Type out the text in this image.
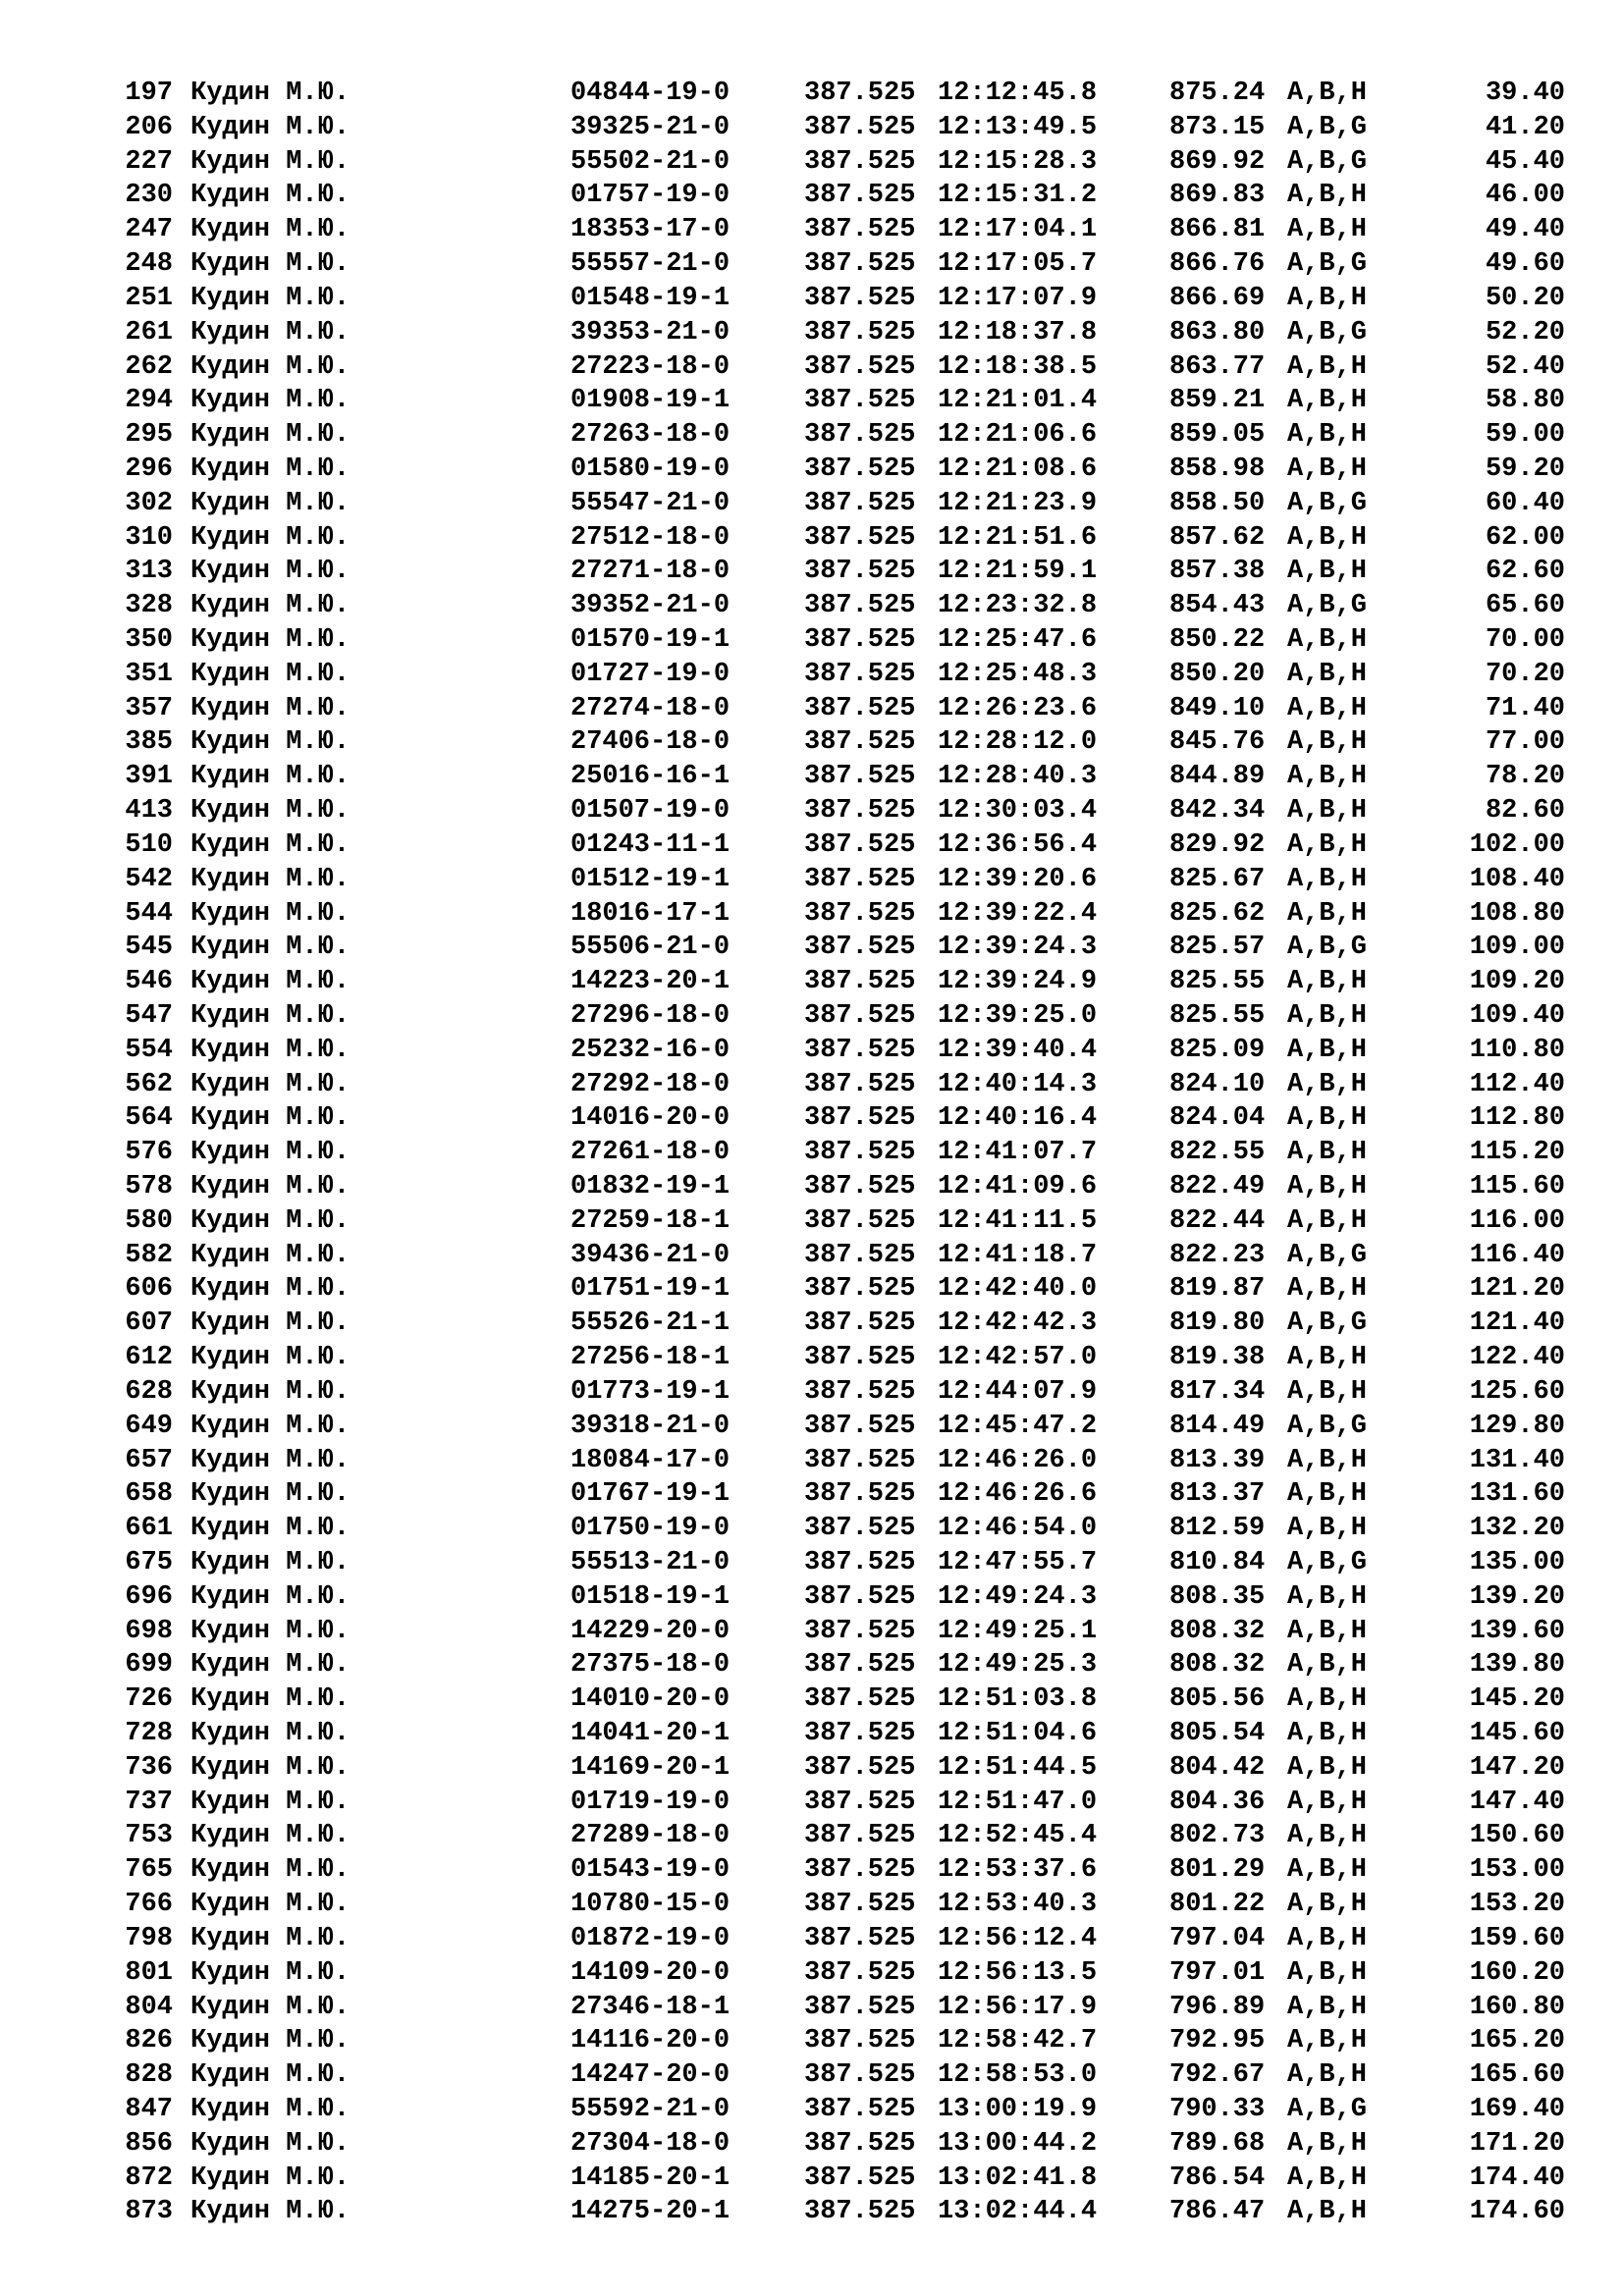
197 Кудин М.Ю.	04844-19-0	387.525 12:12:45.8	875.24 A,B,H	39.40
206 Кудин М.Ю.	39325-21-0	387.525 12:13:49.5	873.15 A,B,G	41.20
227 Кудин М.Ю.	55502-21-0	387.525 12:15:28.3	869.92 A,B,G	45.40
230 Кудин М.Ю.	01757-19-0	387.525 12:15:31.2	869.83 A,B,H	46.00
247 Кудин М.Ю.	18353-17-0	387.525 12:17:04.1	866.81 A,B,H	49.40
248 Кудин М.Ю.	55557-21-0	387.525 12:17:05.7	866.76 A,B,G	49.60
251 Кудин М.Ю.	01548-19-1	387.525 12:17:07.9	866.69 A,B,H	50.20
261 Кудин М.Ю.	39353-21-0	387.525 12:18:37.8	863.80 A,B,G	52.20
262 Кудин М.Ю.	27223-18-0	387.525 12:18:38.5	863.77 A,B,H	52.40
294 Кудин М.Ю.	01908-19-1	387.525 12:21:01.4	859.21 A,B,H	58.80
295 Кудин М.Ю.	27263-18-0	387.525 12:21:06.6	859.05 A,B,H	59.00
296 Кудин М.Ю.	01580-19-0	387.525 12:21:08.6	858.98 A,B,H	59.20
302 Кудин М.Ю.	55547-21-0	387.525 12:21:23.9	858.50 A,B,G	60.40
310 Кудин М.Ю.	27512-18-0	387.525 12:21:51.6	857.62 A,B,H	62.00
313 Кудин М.Ю.	27271-18-0	387.525 12:21:59.1	857.38 A,B,H	62.60
328 Кудин М.Ю.	39352-21-0	387.525 12:23:32.8	854.43 A,B,G	65.60
350 Кудин М.Ю.	01570-19-1	387.525 12:25:47.6	850.22 A,B,H	70.00
351 Кудин М.Ю.	01727-19-0	387.525 12:25:48.3	850.20 A,B,H	70.20
357 Кудин М.Ю.	27274-18-0	387.525 12:26:23.6	849.10 A,B,H	71.40
385 Кудин М.Ю.	27406-18-0	387.525 12:28:12.0	845.76 A,B,H	77.00
391 Кудин М.Ю.	25016-16-1	387.525 12:28:40.3	844.89 A,B,H	78.20
413 Кудин М.Ю.	01507-19-0	387.525 12:30:03.4	842.34 A,B,H	82.60
510 Кудин М.Ю.	01243-11-1	387.525 12:36:56.4	829.92 A,B,H	102.00
542 Кудин М.Ю.	01512-19-1	387.525 12:39:20.6	825.67 A,B,H	108.40
544 Кудин М.Ю.	18016-17-1	387.525 12:39:22.4	825.62 A,B,H	108.80
545 Кудин М.Ю.	55506-21-0	387.525 12:39:24.3	825.57 A,B,G	109.00
546 Кудин М.Ю.	14223-20-1	387.525 12:39:24.9	825.55 A,B,H	109.20
547 Кудин М.Ю.	27296-18-0	387.525 12:39:25.0	825.55 A,B,H	109.40
554 Кудин М.Ю.	25232-16-0	387.525 12:39:40.4	825.09 A,B,H	110.80
562 Кудин М.Ю.	27292-18-0	387.525 12:40:14.3	824.10 A,B,H	112.40
564 Кудин М.Ю.	14016-20-0	387.525 12:40:16.4	824.04 A,B,H	112.80
576 Кудин М.Ю.	27261-18-0	387.525 12:41:07.7	822.55 A,B,H	115.20
578 Кудин М.Ю.	01832-19-1	387.525 12:41:09.6	822.49 A,B,H	115.60
580 Кудин М.Ю.	27259-18-1	387.525 12:41:11.5	822.44 A,B,H	116.00
582 Кудин М.Ю.	39436-21-0	387.525 12:41:18.7	822.23 A,B,G	116.40
606 Кудин М.Ю.	01751-19-1	387.525 12:42:40.0	819.87 A,B,H	121.20
607 Кудин М.Ю.	55526-21-1	387.525 12:42:42.3	819.80 A,B,G	121.40
612 Кудин М.Ю.	27256-18-1	387.525 12:42:57.0	819.38 A,B,H	122.40
628 Кудин М.Ю.	01773-19-1	387.525 12:44:07.9	817.34 A,B,H	125.60
649 Кудин М.Ю.	39318-21-0	387.525 12:45:47.2	814.49 A,B,G	129.80
657 Кудин М.Ю.	18084-17-0	387.525 12:46:26.0	813.39 A,B,H	131.40
658 Кудин М.Ю.	01767-19-1	387.525 12:46:26.6	813.37 A,B,H	131.60
661 Кудин М.Ю.	01750-19-0	387.525 12:46:54.0	812.59 A,B,H	132.20
675 Кудин М.Ю.	55513-21-0	387.525 12:47:55.7	810.84 A,B,G	135.00
696 Кудин М.Ю.	01518-19-1	387.525 12:49:24.3	808.35 A,B,H	139.20
698 Кудин М.Ю.	14229-20-0	387.525 12:49:25.1	808.32 A,B,H	139.60
699 Кудин М.Ю.	27375-18-0	387.525 12:49:25.3	808.32 A,B,H	139.80
726 Кудин М.Ю.	14010-20-0	387.525 12:51:03.8	805.56 A,B,H	145.20
728 Кудин М.Ю.	14041-20-1	387.525 12:51:04.6	805.54 A,B,H	145.60
736 Кудин М.Ю.	14169-20-1	387.525 12:51:44.5	804.42 A,B,H	147.20
737 Кудин М.Ю.	01719-19-0	387.525 12:51:47.0	804.36 A,B,H	147.40
753 Кудин М.Ю.	27289-18-0	387.525 12:52:45.4	802.73 A,B,H	150.60
765 Кудин М.Ю.	01543-19-0	387.525 12:53:37.6	801.29 A,B,H	153.00
766 Кудин М.Ю.	10780-15-0	387.525 12:53:40.3	801.22 A,B,H	153.20
798 Кудин М.Ю.	01872-19-0	387.525 12:56:12.4	797.04 A,B,H	159.60
801 Кудин М.Ю.	14109-20-0	387.525 12:56:13.5	797.01 A,B,H	160.20
804 Кудин М.Ю.	27346-18-1	387.525 12:56:17.9	796.89 A,B,H	160.80
826 Кудин М.Ю.	14116-20-0	387.525 12:58:42.7	792.95 A,B,H	165.20
828 Кудин М.Ю.	14247-20-0	387.525 12:58:53.0	792.67 A,B,H	165.60
847 Кудин М.Ю.	55592-21-0	387.525 13:00:19.9	790.33 A,B,G	169.40
856 Кудин М.Ю.	27304-18-0	387.525 13:00:44.2	789.68 A,B,H	171.20
872 Кудин М.Ю.	14185-20-1	387.525 13:02:41.8	786.54 A,B,H	174.40
873 Кудин М.Ю.	14275-20-1	387.525 13:02:44.4	786.47 A,B,H	174.60
